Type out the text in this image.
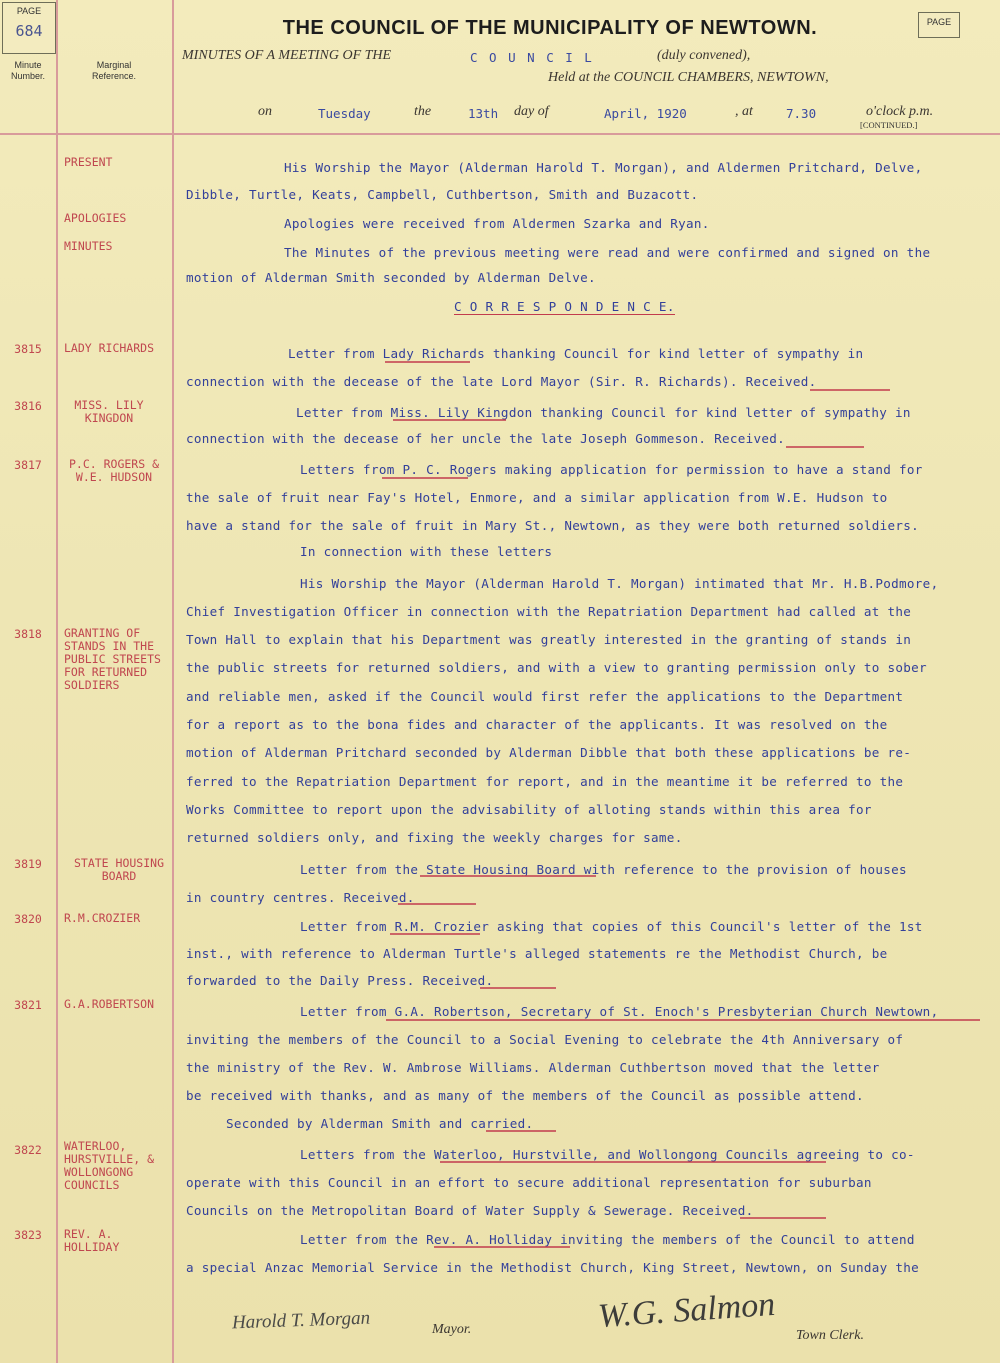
PAGE
684	PAGE
Minute Number.
Marginal Reference.
THE COUNCIL OF THE MUNICIPALITY OF NEWTOWN.
MINUTES OF A MEETING OF THE	C O U N C I L	(duly convened),
Held at the COUNCIL CHAMBERS, NEWTOWN,
on	Tuesday	the	13th day of	April, 1920	, at	7.30	o'clock p.m.
[CONTINUED.]
PRESENT	His Worship the Mayor (Alderman Harold T. Morgan), and Aldermen Pritchard, Delve,
Dibble, Turtle, Keats, Campbell, Cuthbertson, Smith and Buzacott.
APOLOGIES	Apologies were received from Aldermen Szarka and Ryan.
MINUTES	The Minutes of the previous meeting were read and were confirmed and signed on the
motion of Alderman Smith seconded by Alderman Delve.
C O R R E S P O N D E N C E.
3815	LADY RICHARDS	Letter from Lady Richards thanking Council for kind letter of sympathy in
connection with the decease of the late Lord Mayor (Sir. R. Richards). Received.
3816	MISS. LILY KINGDON	Letter from Miss. Lily Kingdon thanking Council for kind letter of sympathy in
connection with the decease of her uncle the late Joseph Gommeson. Received.
3817	P.C. ROGERS & W.E. HUDSON	Letters from P. C. Rogers making application for permission to have a stand for
the sale of fruit near Fay's Hotel, Enmore, and a similar application from W.E. Hudson to
have a stand for the sale of fruit in Mary St., Newtown, as they were both returned soldiers.
In connection with these letters
3818	GRANTING OF STANDS IN THE PUBLIC STREETS FOR RETURNED SOLDIERS
His Worship the Mayor (Alderman Harold T. Morgan) intimated that Mr. H.B.Podmore,
Chief Investigation Officer in connection with the Repatriation Department had called at the
Town Hall to explain that his Department was greatly interested in the granting of stands in
the public streets for returned soldiers, and with a view to granting permission only to sober
and reliable men, asked if the Council would first refer the applications to the Department
for a report as to the bona fides and character of the applicants. It was resolved on the
motion of Alderman Pritchard seconded by Alderman Dibble that both these applications be re-
ferred to the Repatriation Department for report, and in the meantime it be referred to the
Works Committee to report upon the advisability of alloting stands within this area for
returned soldiers only, and fixing the weekly charges for same.
3819	STATE HOUSING BOARD	Letter from the State Housing Board with reference to the provision of houses
in country centres. Received.
3820	R.M.CROZIER
Letter from R.M. Crozier asking that copies of this Council's letter of the 1st
inst., with reference to Alderman Turtle's alleged statements re the Methodist Church, be
forwarded to the Daily Press. Received.
3821	G.A.ROBERTSON	Letter from G.A. Robertson, Secretary of St. Enoch's Presbyterian Church Newtown,
inviting the members of the Council to a Social Evening to celebrate the 4th Anniversary of
the ministry of the Rev. W. Ambrose Williams. Alderman Cuthbertson moved that the letter
be received with thanks, and as many of the members of the Council as possible attend.
Seconded by Alderman Smith and carried.
3822	WATERLOO, HURSTVILLE, & WOLLONGONG COUNCILS
Letters from the Waterloo, Hurstville, and Wollongong Councils agreeing to co-
operate with this Council in an effort to secure additional representation for suburban
Councils on the Metropolitan Board of Water Supply & Sewerage. Received.
3823	REV. A. HOLLIDAY	Letter from the Rev. A. Holliday inviting the members of the Council to attend
a special Anzac Memorial Service in the Methodist Church, King Street, Newtown, on Sunday the
Harold T. Morgan	Mayor.	W.G. Salmon
Town Clerk.
